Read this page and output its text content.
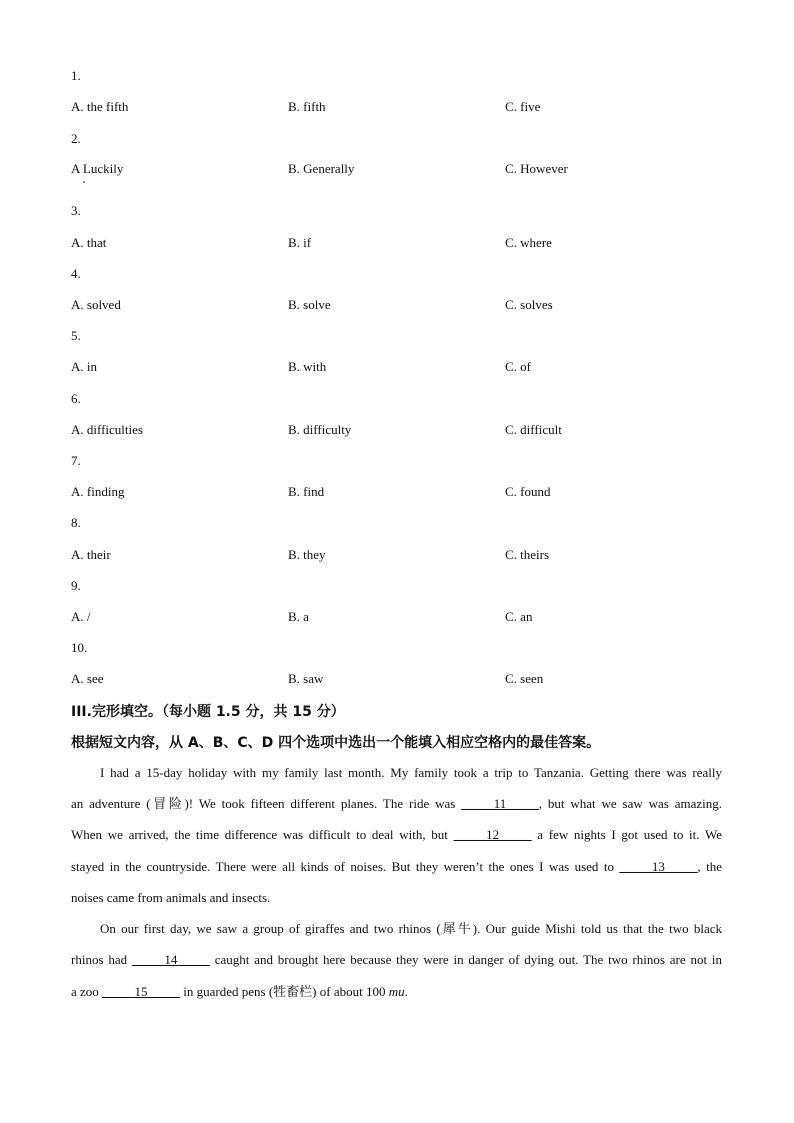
1.
A. the fifth	B. fifth	C. five
2.
A Luckily	B. Generally	C. However
3.
A. that	B. if	C. where
4.
A. solved	B. solve	C. solves
5.
A. in	B. with	C. of
6.
A. difficulties	B. difficulty	C. difficult
7.
A. finding	B. find	C. found
8.
A. their	B. they	C. theirs
9.
A. /	B. a	C. an
10.
A. see	B. saw	C. seen
III.完形填空。（每小题 1.5 分，共 15 分）
根据短文内容，从 A、B、C、D 四个选项中选出一个能填入相应空格内的最佳答案。
I had a 15-day holiday with my family last month. My family took a trip to Tanzania. Getting there was really
an adventure (冒险)! We took fifteen different planes. The ride was _____11_____, but what we saw was amazing.
When we arrived, the time difference was difficult to deal with, but _____12_____ a few nights I got used to it. We
stayed in the countryside. There were all kinds of noises. But they weren’t the ones I was used to _____13_____, the
noises came from animals and insects.
On our first day, we saw a group of giraffes and two rhinos (犀牛). Our guide Mishi told us that the two black
rhinos had _____14_____ caught and brought here because they were in danger of dying out. The two rhinos are not in
a zoo _____15_____ in guarded pens (牲畜栏) of about 100 mu.
